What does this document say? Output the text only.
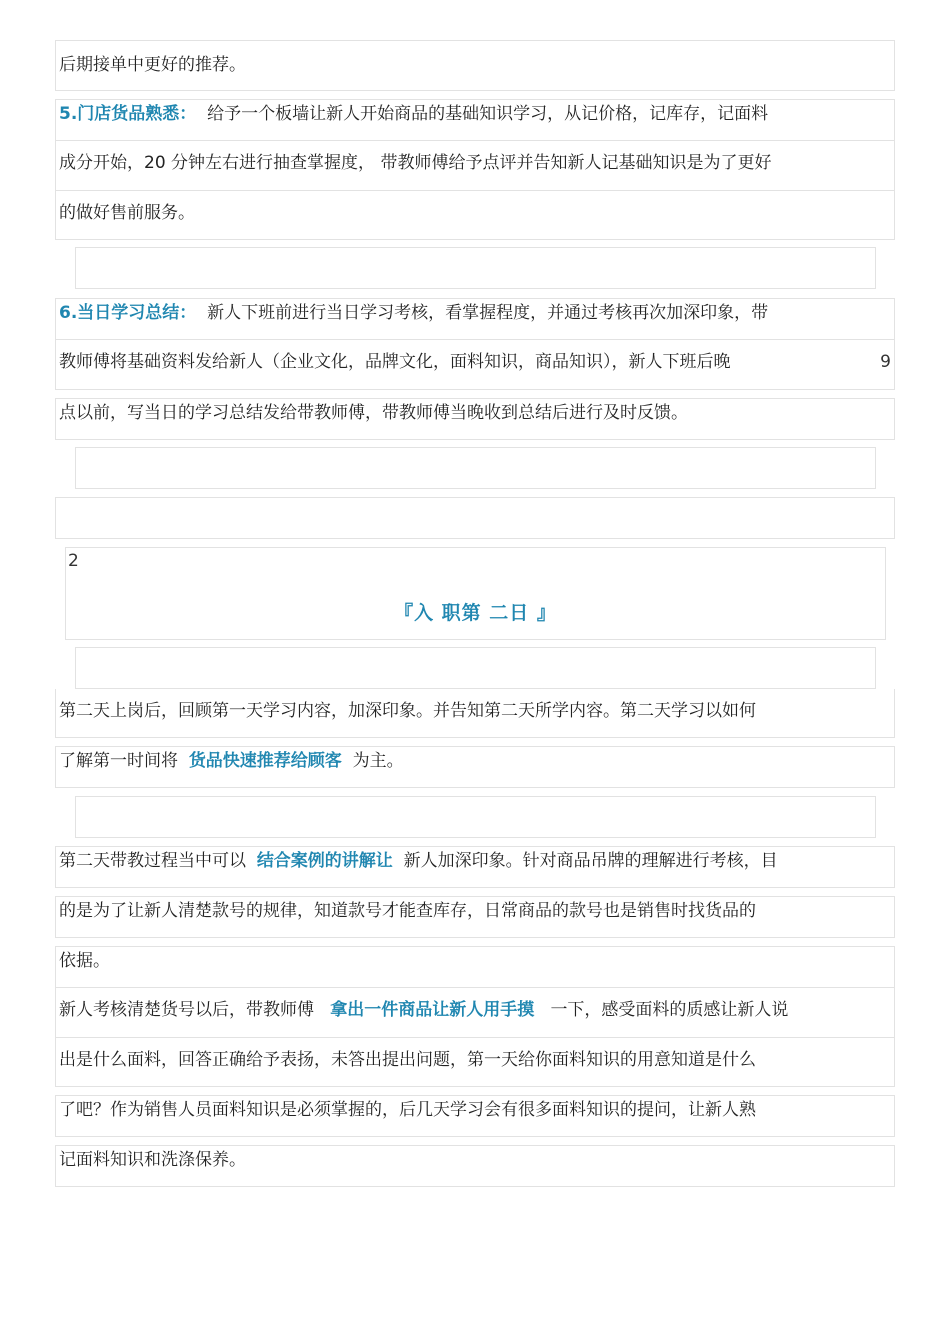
后期接单中更好的推荐。
5.门店货品熟悉： 给予一个板墙让新人开始商品的基础知识学习，从记价格，记库存，记面料
成分开始，20 分钟左右进行抽查掌握度， 带教师傅给予点评并告知新人记基础知识是为了更好
的做好售前服务。
6.当日学习总结： 新人下班前进行当日学习考核，看掌握程度，并通过考核再次加深印象，带
教师傅将基础资料发给新人（企业文化，品牌文化，面料知识，商品知识），新人下班后晚	9
点以前，写当日的学习总结发给带教师傅，带教师傅当晚收到总结后进行及时反馈。
2
『入 职第 二日 』
第二天上岗后，回顾第一天学习内容，加深印象。并告知第二天所学内容。第二天学习以如何
了解第一时间将 货品快速推荐给顾客 为主。
第二天带教过程当中可以 结合案例的讲解让 新人加深印象。针对商品吊牌的理解进行考核，目
的是为了让新人清楚款号的规律，知道款号才能查库存，日常商品的款号也是销售时找货品的
依据。
新人考核清楚货号以后，带教师傅 拿出一件商品让新人用手摸 一下，感受面料的质感让新人说
出是什么面料，回答正确给予表扬，未答出提出问题，第一天给你面料知识的用意知道是什么
了吧？作为销售人员面料知识是必须掌握的，后几天学习会有很多面料知识的提问，让新人熟
记面料知识和洗涤保养。
